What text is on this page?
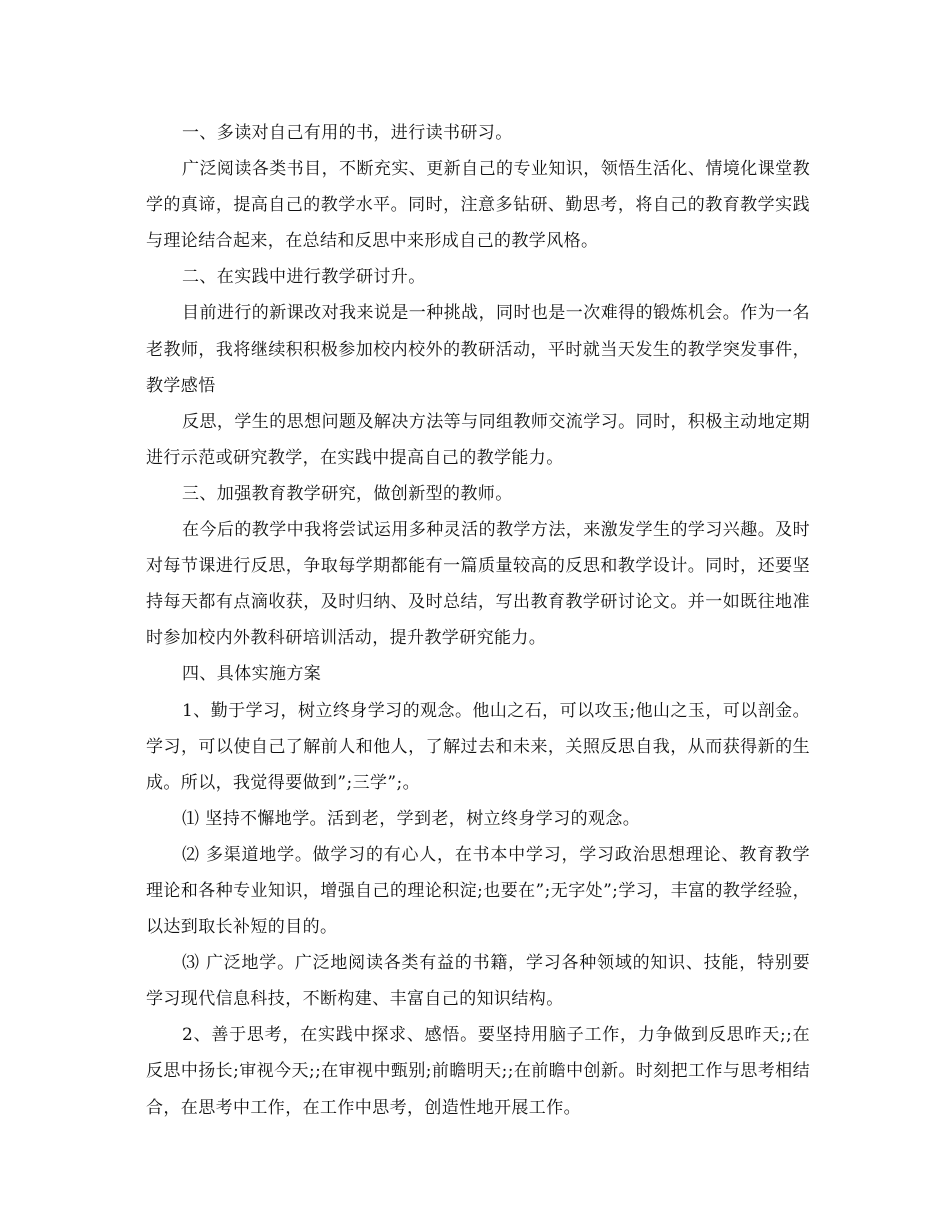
一、多读对自己有用的书，进行读书研习。

广泛阅读各类书目，不断充实、更新自己的专业知识，领悟生活化、情境化课堂教学的真谛，提高自己的教学水平。同时，注意多钻研、勤思考，将自己的教育教学实践与理论结合起来，在总结和反思中来形成自己的教学风格。

二、在实践中进行教学研讨升。

目前进行的新课改对我来说是一种挑战，同时也是一次难得的锻炼机会。作为一名老教师，我将继续积积极参加校内校外的教研活动，平时就当天发生的教学突发事件，教学感悟

反思，学生的思想问题及解决方法等与同组教师交流学习。同时，积极主动地定期进行示范或研究教学，在实践中提高自己的教学能力。

三、加强教育教学研究，做创新型的教师。

在今后的教学中我将尝试运用多种灵活的教学方法，来激发学生的学习兴趣。及时对每节课进行反思，争取每学期都能有一篇质量较高的反思和教学设计。同时，还要坚持每天都有点滴收获，及时归纳、及时总结，写出教育教学研讨论文。并一如既往地准时参加校内外教科研培训活动，提升教学研究能力。

四、具体实施方案

1、勤于学习，树立终身学习的观念。他山之石，可以攻玉;他山之玉，可以剖金。学习，可以使自己了解前人和他人，了解过去和未来，关照反思自我，从而获得新的生成。所以，我觉得要做到”;三学”;。

⑴ 坚持不懈地学。活到老，学到老，树立终身学习的观念。

⑵ 多渠道地学。做学习的有心人，在书本中学习，学习政治思想理论、教育教学理论和各种专业知识，增强自己的理论积淀;也要在”;无字处”;学习，丰富的教学经验，以达到取长补短的目的。

⑶ 广泛地学。广泛地阅读各类有益的书籍，学习各种领域的知识、技能，特别要学习现代信息科技，不断构建、丰富自己的知识结构。

2、善于思考，在实践中探求、感悟。要坚持用脑子工作，力争做到反思昨天;;在反思中扬长;审视今天;;在审视中甄别;前瞻明天;;在前瞻中创新。时刻把工作与思考相结合，在思考中工作，在工作中思考，创造性地开展工作。
